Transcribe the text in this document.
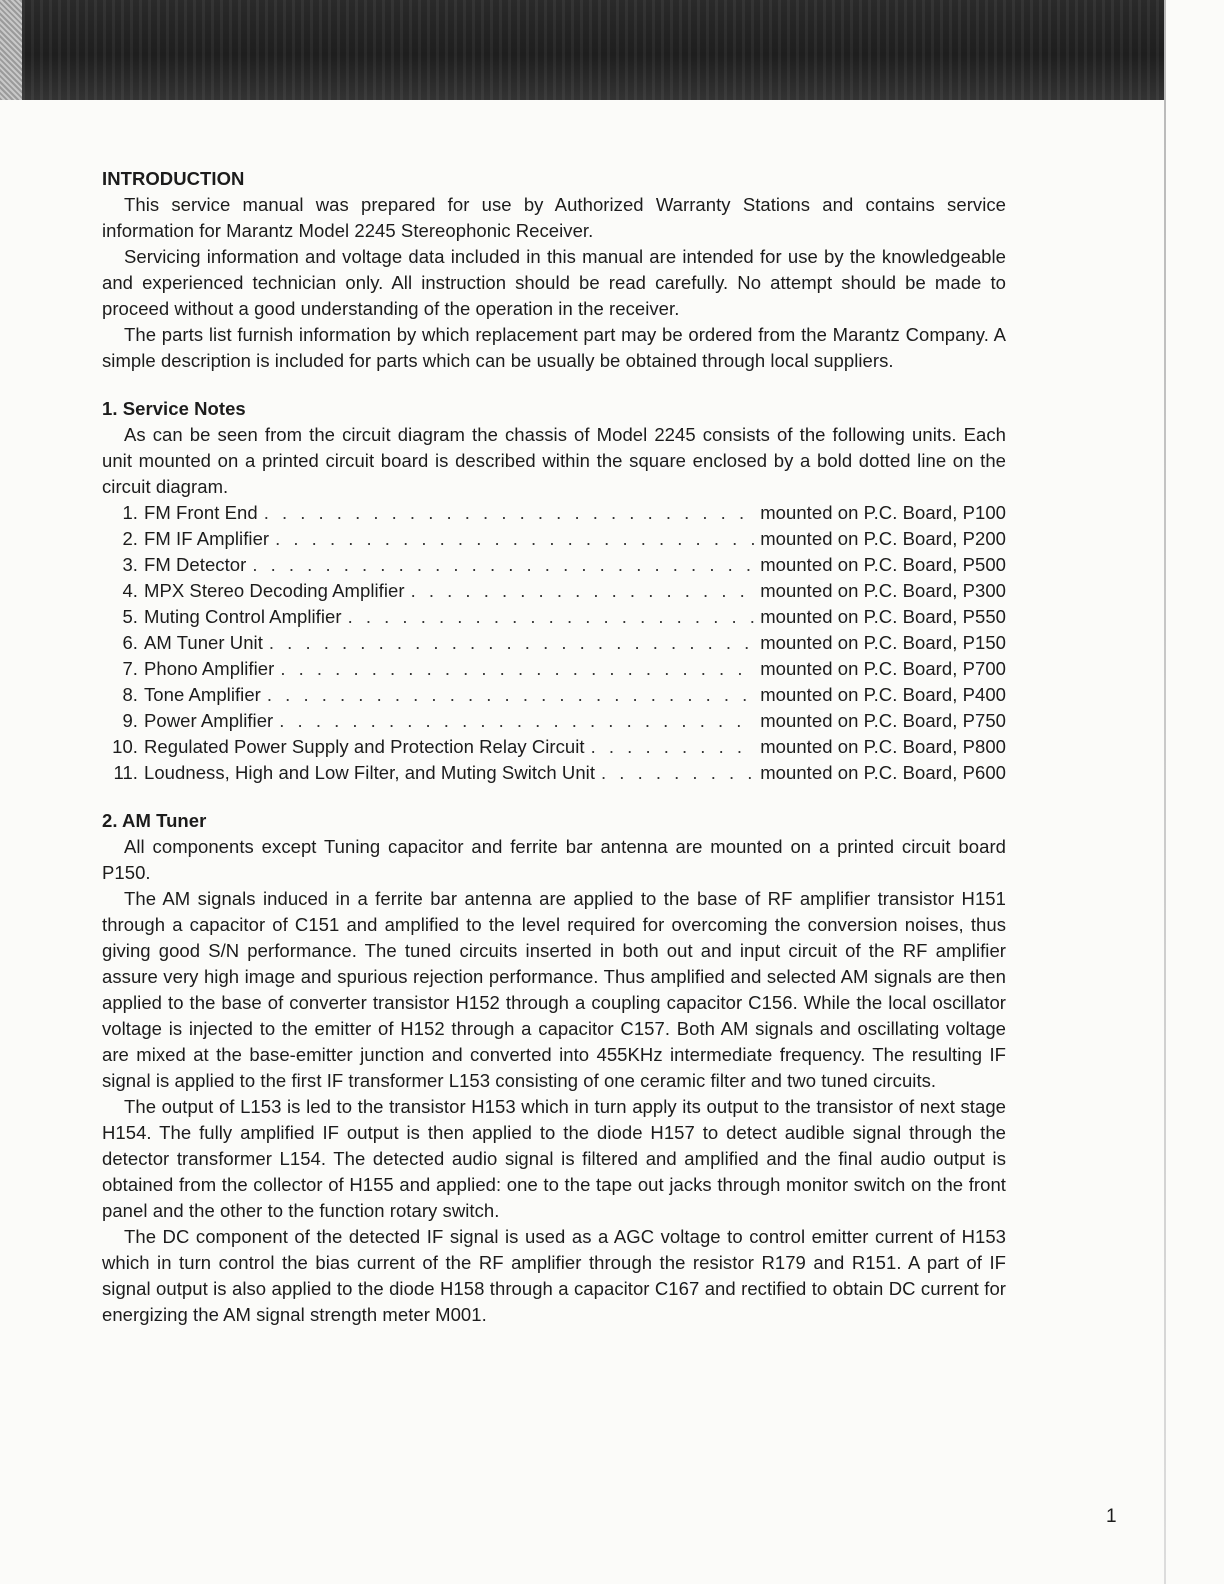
INTRODUCTION

This service manual was prepared for use by Authorized Warranty Stations and contains service information for Marantz Model 2245 Stereophonic Receiver.

Servicing information and voltage data included in this manual are intended for use by the knowledgeable and experienced technician only. All instruction should be read carefully. No attempt should be made to proceed without a good understanding of the operation in the receiver.

The parts list furnish information by which replacement part may be ordered from the Marantz Company. A simple description is included for parts which can be usually be obtained through local suppliers.

1. Service Notes

As can be seen from the circuit diagram the chassis of Model 2245 consists of the following units. Each unit mounted on a printed circuit board is described within the square enclosed by a bold dotted line on the circuit diagram.

1. FM Front End . . .	mounted on P.C. Board, P100
2. FM IF Amplifier . . .	mounted on P.C. Board, P200
3. FM Detector . . .	mounted on P.C. Board, P500
4. MPX Stereo Decoding Amplifier . . .	mounted on P.C. Board, P300
5. Muting Control Amplifier . . .	mounted on P.C. Board, P550
6. AM Tuner Unit . . .	mounted on P.C. Board, P150
7. Phono Amplifier . . .	mounted on P.C. Board, P700
8. Tone Amplifier . . .	mounted on P.C. Board, P400
9. Power Amplifier . . .	mounted on P.C. Board, P750
10. Regulated Power Supply and Protection Relay Circuit . . .	mounted on P.C. Board, P800
11. Loudness, High and Low Filter, and Muting Switch Unit . . .	mounted on P.C. Board, P600
2. AM Tuner

All components except Tuning capacitor and ferrite bar antenna are mounted on a printed circuit board P150.

The AM signals induced in a ferrite bar antenna are applied to the base of RF amplifier transistor H151 through a capacitor of C151 and amplified to the level required for overcoming the conversion noises, thus giving good S/N performance. The tuned circuits inserted in both out and input circuit of the RF amplifier assure very high image and spurious rejection performance. Thus amplified and selected AM signals are then applied to the base of converter transistor H152 through a coupling capacitor C156. While the local oscillator voltage is injected to the emitter of H152 through a capacitor C157. Both AM signals and oscillating voltage are mixed at the base-emitter junction and converted into 455KHz intermediate frequency. The resulting IF signal is applied to the first IF transformer L153 consisting of one ceramic filter and two tuned circuits.

The output of L153 is led to the transistor H153 which in turn apply its output to the transistor of next stage H154. The fully amplified IF output is then applied to the diode H157 to detect audible signal through the detector transformer L154. The detected audio signal is filtered and amplified and the final audio output is obtained from the collector of H155 and applied: one to the tape out jacks through monitor switch on the front panel and the other to the function rotary switch.

The DC component of the detected IF signal is used as a AGC voltage to control emitter current of H153 which in turn control the bias current of the RF amplifier through the resistor R179 and R151. A part of IF signal output is also applied to the diode H158 through a capacitor C167 and rectified to obtain DC current for energizing the AM signal strength meter M001.

1
